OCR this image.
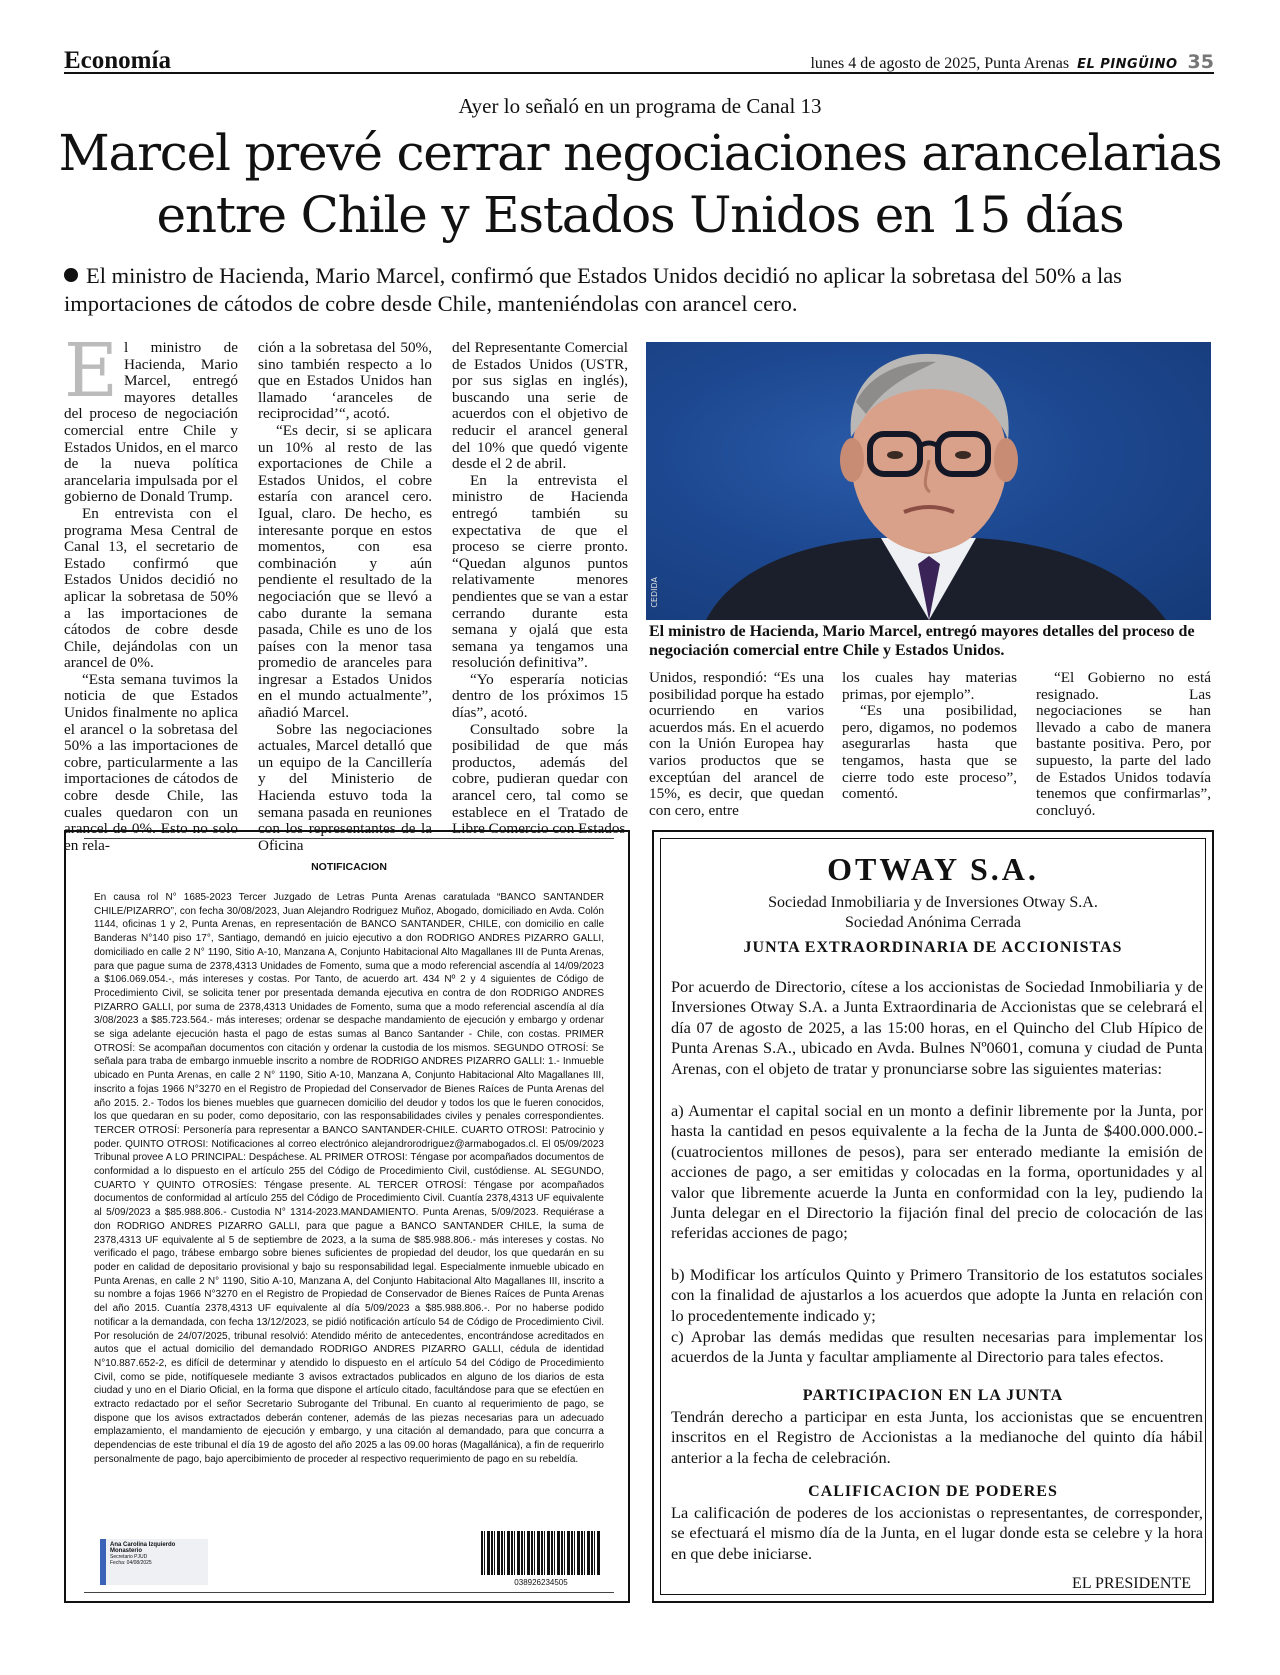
Economía	lunes 4 de agosto de 2025, Punta Arenas EL PINGÜINO 35
Ayer lo señaló en un programa de Canal 13
Marcel prevé cerrar negociaciones arancelarias
entre Chile y Estados Unidos en 15 días
El ministro de Hacienda, Mario Marcel, confirmó que Estados Unidos decidió no aplicar la sobretasa del 50% a las importaciones de cátodos de cobre desde Chile, manteniéndolas con arancel cero.
E l ministro de Hacienda, Mario Marcel, entregó mayores detalles del proceso de negociación comercial entre Chile y Estados Unidos, en el marco de la nueva política arancelaria impulsada por el gobierno de Donald Trump.

En entrevista con el programa Mesa Central de Canal 13, el secretario de Estado confirmó que Estados Unidos decidió no aplicar la sobretasa de 50% a las importaciones de cátodos de cobre desde Chile, dejándolas con un arancel de 0%.

“Esta semana tuvimos la noticia de que Estados Unidos finalmente no aplica el arancel o la sobretasa del 50% a las importaciones de cobre, particularmente a las importaciones de cátodos de cobre desde Chile, las cuales quedaron con un arancel de 0%. Esto no solo en rela-

ción a la sobretasa del 50%, sino también respecto a lo que en Estados Unidos han llamado ‘aranceles de reciprocidad’“, acotó.

“Es decir, si se aplicara un 10% al resto de las exportaciones de Chile a Estados Unidos, el cobre estaría con arancel cero. Igual, claro. De hecho, es interesante porque en estos momentos, con esa combinación y aún pendiente el resultado de la negociación que se llevó a cabo durante la semana pasada, Chile es uno de los países con la menor tasa promedio de aranceles para ingresar a Estados Unidos en el mundo actualmente”, añadió Marcel.

Sobre las negociaciones actuales, Marcel detalló que un equipo de la Cancillería y del Ministerio de Hacienda estuvo toda la semana pasada en reuniones con los representantes de la Oficina

del Representante Comercial de Estados Unidos (USTR, por sus siglas en inglés), buscando una serie de acuerdos con el objetivo de reducir el arancel general del 10% que quedó vigente desde el 2 de abril.

En la entrevista el ministro de Hacienda entregó también su expectativa de que el proceso se cierre pronto. “Quedan algunos puntos relativamente menores pendientes que se van a estar cerrando durante esta semana y ojalá que esta semana ya tengamos una resolución definitiva”.

“Yo esperaría noticias dentro de los próximos 15 días”, acotó.

Consultado sobre la posibilidad de que más productos, además del cobre, pudieran quedar con arancel cero, tal como se establece en el Tratado de Libre Comercio con Estados

CEDIDA
El ministro de Hacienda, Mario Marcel, entregó mayores detalles del proceso de negociación comercial entre Chile y Estados Unidos.

Unidos, respondió: “Es una posibilidad porque ha estado ocurriendo en varios acuerdos más. En el acuerdo con la Unión Europea hay varios productos que se exceptúan del arancel de 15%, es decir, que quedan con cero, entre

los cuales hay materias primas, por ejemplo”.

“Es una posibilidad, pero, digamos, no podemos asegurarlas hasta que tengamos, hasta que se cierre todo este proceso”, comentó.

“El Gobierno no está resignado. Las negociaciones se han llevado a cabo de manera bastante positiva. Pero, por supuesto, la parte del lado de Estados Unidos todavía tenemos que confirmarlas”, concluyó.

NOTIFICACION
En causa rol N° 1685-2023 Tercer Juzgado de Letras Punta Arenas caratulada “BANCO SANTANDER CHILE/PIZARRO”, con fecha 30/08/2023, Juan Alejandro Rodriguez Muñoz, Abogado, domiciliado en Avda. Colón 1144, oficinas 1 y 2, Punta Arenas, en representación de BANCO SANTANDER, CHILE, con domicilio en calle Banderas N°140 piso 17°, Santiago, demandó en juicio ejecutivo a don RODRIGO ANDRES PIZARRO GALLI, domiciliado en calle 2 N° 1190, Sitio A-10, Manzana A, Conjunto Habitacional Alto Magallanes III de Punta Arenas, para que pague suma de 2378,4313 Unidades de Fomento, suma que a modo referencial ascendía al 14/09/2023 a $106.069.054.-, más intereses y costas. Por Tanto, de acuerdo art. 434 Nº 2 y 4 siguientes de Código de Procedimiento Civil, se solicita tener por presentada demanda ejecutiva en contra de don RODRIGO ANDRES PIZARRO GALLI, por suma de 2378,4313 Unidades de Fomento, suma que a modo referencial ascendía al día 3/08/2023 a $85.723.564.- más intereses; ordenar se despache mandamiento de ejecución y embargo y ordenar se siga adelante ejecución hasta el pago de estas sumas al Banco Santander - Chile, con costas. PRIMER OTROSÍ: Se acompañan documentos con citación y ordenar la custodia de los mismos. SEGUNDO OTROSÍ: Se señala para traba de embargo inmueble inscrito a nombre de RODRIGO ANDRES PIZARRO GALLI: 1.- Inmueble ubicado en Punta Arenas, en calle 2 N° 1190, Sitio A-10, Manzana A, Conjunto Habitacional Alto Magallanes III, inscrito a fojas 1966 N°3270 en el Registro de Propiedad del Conservador de Bienes Raíces de Punta Arenas del año 2015. 2.- Todos los bienes muebles que guarnecen domicilio del deudor y todos los que le fueren conocidos, los que quedaran en su poder, como depositario, con las responsabilidades civiles y penales correspondientes. TERCER OTROSÍ: Personería para representar a BANCO SANTANDER-CHILE. CUARTO OTROSI: Patrocinio y poder. QUINTO OTROSI: Notificaciones al correo electrónico alejandrorodriguez@armabogados.cl. El 05/09/2023 Tribunal provee A LO PRINCIPAL: Despáchese. AL PRIMER OTROSI: Téngase por acompañados documentos de conformidad a lo dispuesto en el artículo 255 del Código de Procedimiento Civil, custódiense. AL SEGUNDO, CUARTO Y QUINTO OTROSÍES: Téngase presente. AL TERCER OTROSÍ: Téngase por acompañados documentos de conformidad al artículo 255 del Código de Procedimiento Civil. Cuantía 2378,4313 UF equivalente al 5/09/2023 a $85.988.806.- Custodia N° 1314-2023.MANDAMIENTO. Punta Arenas, 5/09/2023. Requiérase a don RODRIGO ANDRES PIZARRO GALLI, para que pague a BANCO SANTANDER CHILE, la suma de 2378,4313 UF equivalente al 5 de septiembre de 2023, a la suma de $85.988.806.- más intereses y costas. No verificado el pago, trábese embargo sobre bienes suficientes de propiedad del deudor, los que quedarán en su poder en calidad de depositario provisional y bajo su responsabilidad legal. Especialmente inmueble ubicado en Punta Arenas, en calle 2 N° 1190, Sitio A-10, Manzana A, del Conjunto Habitacional Alto Magallanes III, inscrito a su nombre a fojas 1966 N°3270 en el Registro de Propiedad de Conservador de Bienes Raíces de Punta Arenas del año 2015. Cuantía 2378,4313 UF equivalente al día 5/09/2023 a $85.988.806.-. Por no haberse podido notificar a la demandada, con fecha 13/12/2023, se pidió notificación artículo 54 de Código de Procedimiento Civil. Por resolución de 24/07/2025, tribunal resolvió: Atendido mérito de antecedentes, encontrándose acreditados en autos que el actual domicilio del demandado RODRIGO ANDRES PIZARRO GALLI, cédula de identidad N°10.887.652-2, es difícil de determinar y atendido lo dispuesto en el artículo 54 del Código de Procedimiento Civil, como se pide, notifíquesele mediante 3 avisos extractados publicados en alguno de los diarios de esta ciudad y uno en el Diario Oficial, en la forma que dispone el artículo citado, facultándose para que se efectúen en extracto redactado por el señor Secretario Subrogante del Tribunal. En cuanto al requerimiento de pago, se dispone que los avisos extractados deberán contener, además de las piezas necesarias para un adecuado emplazamiento, el mandamiento de ejecución y embargo, y una citación al demandado, para que concurra a dependencias de este tribunal el día 19 de agosto del año 2025 a las 09.00 horas (Magallánica), a fin de requerirlo personalmente de pago, bajo apercibimiento de proceder al respectivo requerimiento de pago en su rebeldía.
Ana Carolina Izquierdo Monasterio
Secretario PJUD
Fecha: 04/08/2025
038926234505
OTWAY S.A.
Sociedad Inmobiliaria y de Inversiones Otway S.A.
Sociedad Anónima Cerrada
JUNTA EXTRAORDINARIA DE ACCIONISTAS
Por acuerdo de Directorio, cítese a los accionistas de Sociedad Inmobiliaria y de Inversiones Otway S.A. a Junta Extraordinaria de Accionistas que se celebrará el día 07 de agosto de 2025, a las 15:00 horas, en el Quincho del Club Hípico de Punta Arenas S.A., ubicado en Avda. Bulnes Nº0601, comuna y ciudad de Punta Arenas, con el objeto de tratar y pronunciarse sobre las siguientes materias:
a) Aumentar el capital social en un monto a definir libremente por la Junta, por hasta la cantidad en pesos equivalente a la fecha de la Junta de $400.000.000.- (cuatrocientos millones de pesos), para ser enterado mediante la emisión de acciones de pago, a ser emitidas y colocadas en la forma, oportunidades y al valor que libremente acuerde la Junta en conformidad con la ley, pudiendo la Junta delegar en el Directorio la fijación final del precio de colocación de las referidas acciones de pago;
b) Modificar los artículos Quinto y Primero Transitorio de los estatutos sociales con la finalidad de ajustarlos a los acuerdos que adopte la Junta en relación con lo procedentemente indicado y;
c) Aprobar las demás medidas que resulten necesarias para implementar los acuerdos de la Junta y facultar ampliamente al Directorio para tales efectos.
PARTICIPACION EN LA JUNTA
Tendrán derecho a participar en esta Junta, los accionistas que se encuentren inscritos en el Registro de Accionistas a la medianoche del quinto día hábil anterior a la fecha de celebración.
CALIFICACION DE PODERES
La calificación de poderes de los accionistas o representantes, de corresponder, se efectuará el mismo día de la Junta, en el lugar donde esta se celebre y la hora en que debe iniciarse.
EL PRESIDENTE
